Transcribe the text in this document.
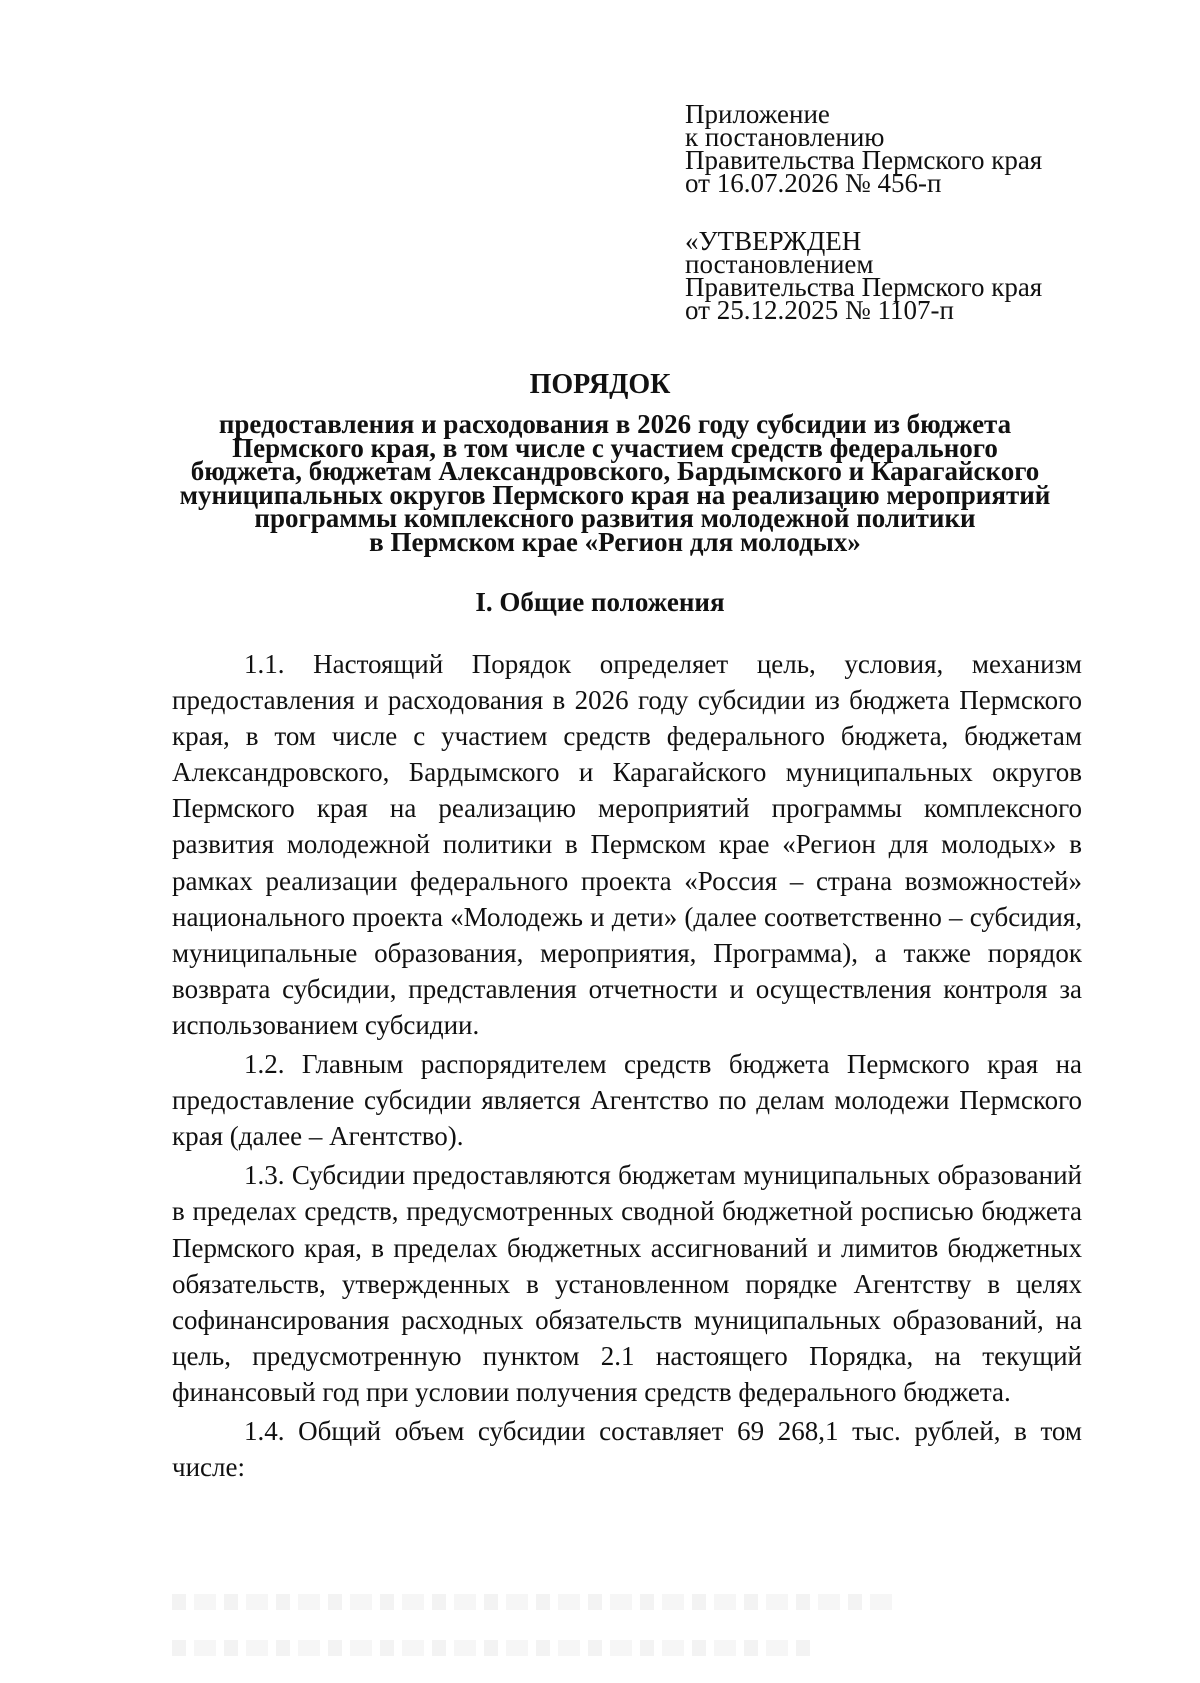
Приложение
к постановлению
Правительства Пермского края
от 16.07.2026 № 456-п
«УТВЕРЖДЕН
постановлением
Правительства Пермского края
от 25.12.2025 № 1107-п
ПОРЯДОК
предоставления и расходования в 2026 году субсидии из бюджета
Пермского края, в том числе с участием средств федерального
бюджета, бюджетам Александровского, Бардымского и Карагайского
муниципальных округов Пермского края на реализацию мероприятий
программы комплексного развития молодежной политики
в Пермском крае «Регион для молодых»
I. Общие положения

1.1. Настоящий Порядок определяет цель, условия, механизм предоставления и расходования в 2026 году субсидии из бюджета Пермского края, в том числе с участием средств федерального бюджета, бюджетам Александровского, Бардымского и Карагайского муниципальных округов Пермского края на реализацию мероприятий программы комплексного развития молодежной политики в Пермском крае «Регион для молодых» в рамках реализации федерального проекта «Россия – страна возможностей» национального проекта «Молодежь и дети» (далее соответственно – субсидия, муниципальные образования, мероприятия, Программа), а также порядок возврата субсидии, представления отчетности и осуществления контроля за использованием субсидии.

1.2. Главным распорядителем средств бюджета Пермского края на предоставление субсидии является Агентство по делам молодежи Пермского края (далее – Агентство).

1.3. Субсидии предоставляются бюджетам муниципальных образований в пределах средств, предусмотренных сводной бюджетной росписью бюджета Пермского края, в пределах бюджетных ассигнований и лимитов бюджетных обязательств, утвержденных в установленном порядке Агентству в целях софинансирования расходных обязательств муниципальных образований, на цель, предусмотренную пунктом 2.1 настоящего Порядка, на текущий финансовый год при условии получения средств федерального бюджета.

1.4. Общий объем субсидии составляет 69 268,1 тыс. рублей, в том числе:
